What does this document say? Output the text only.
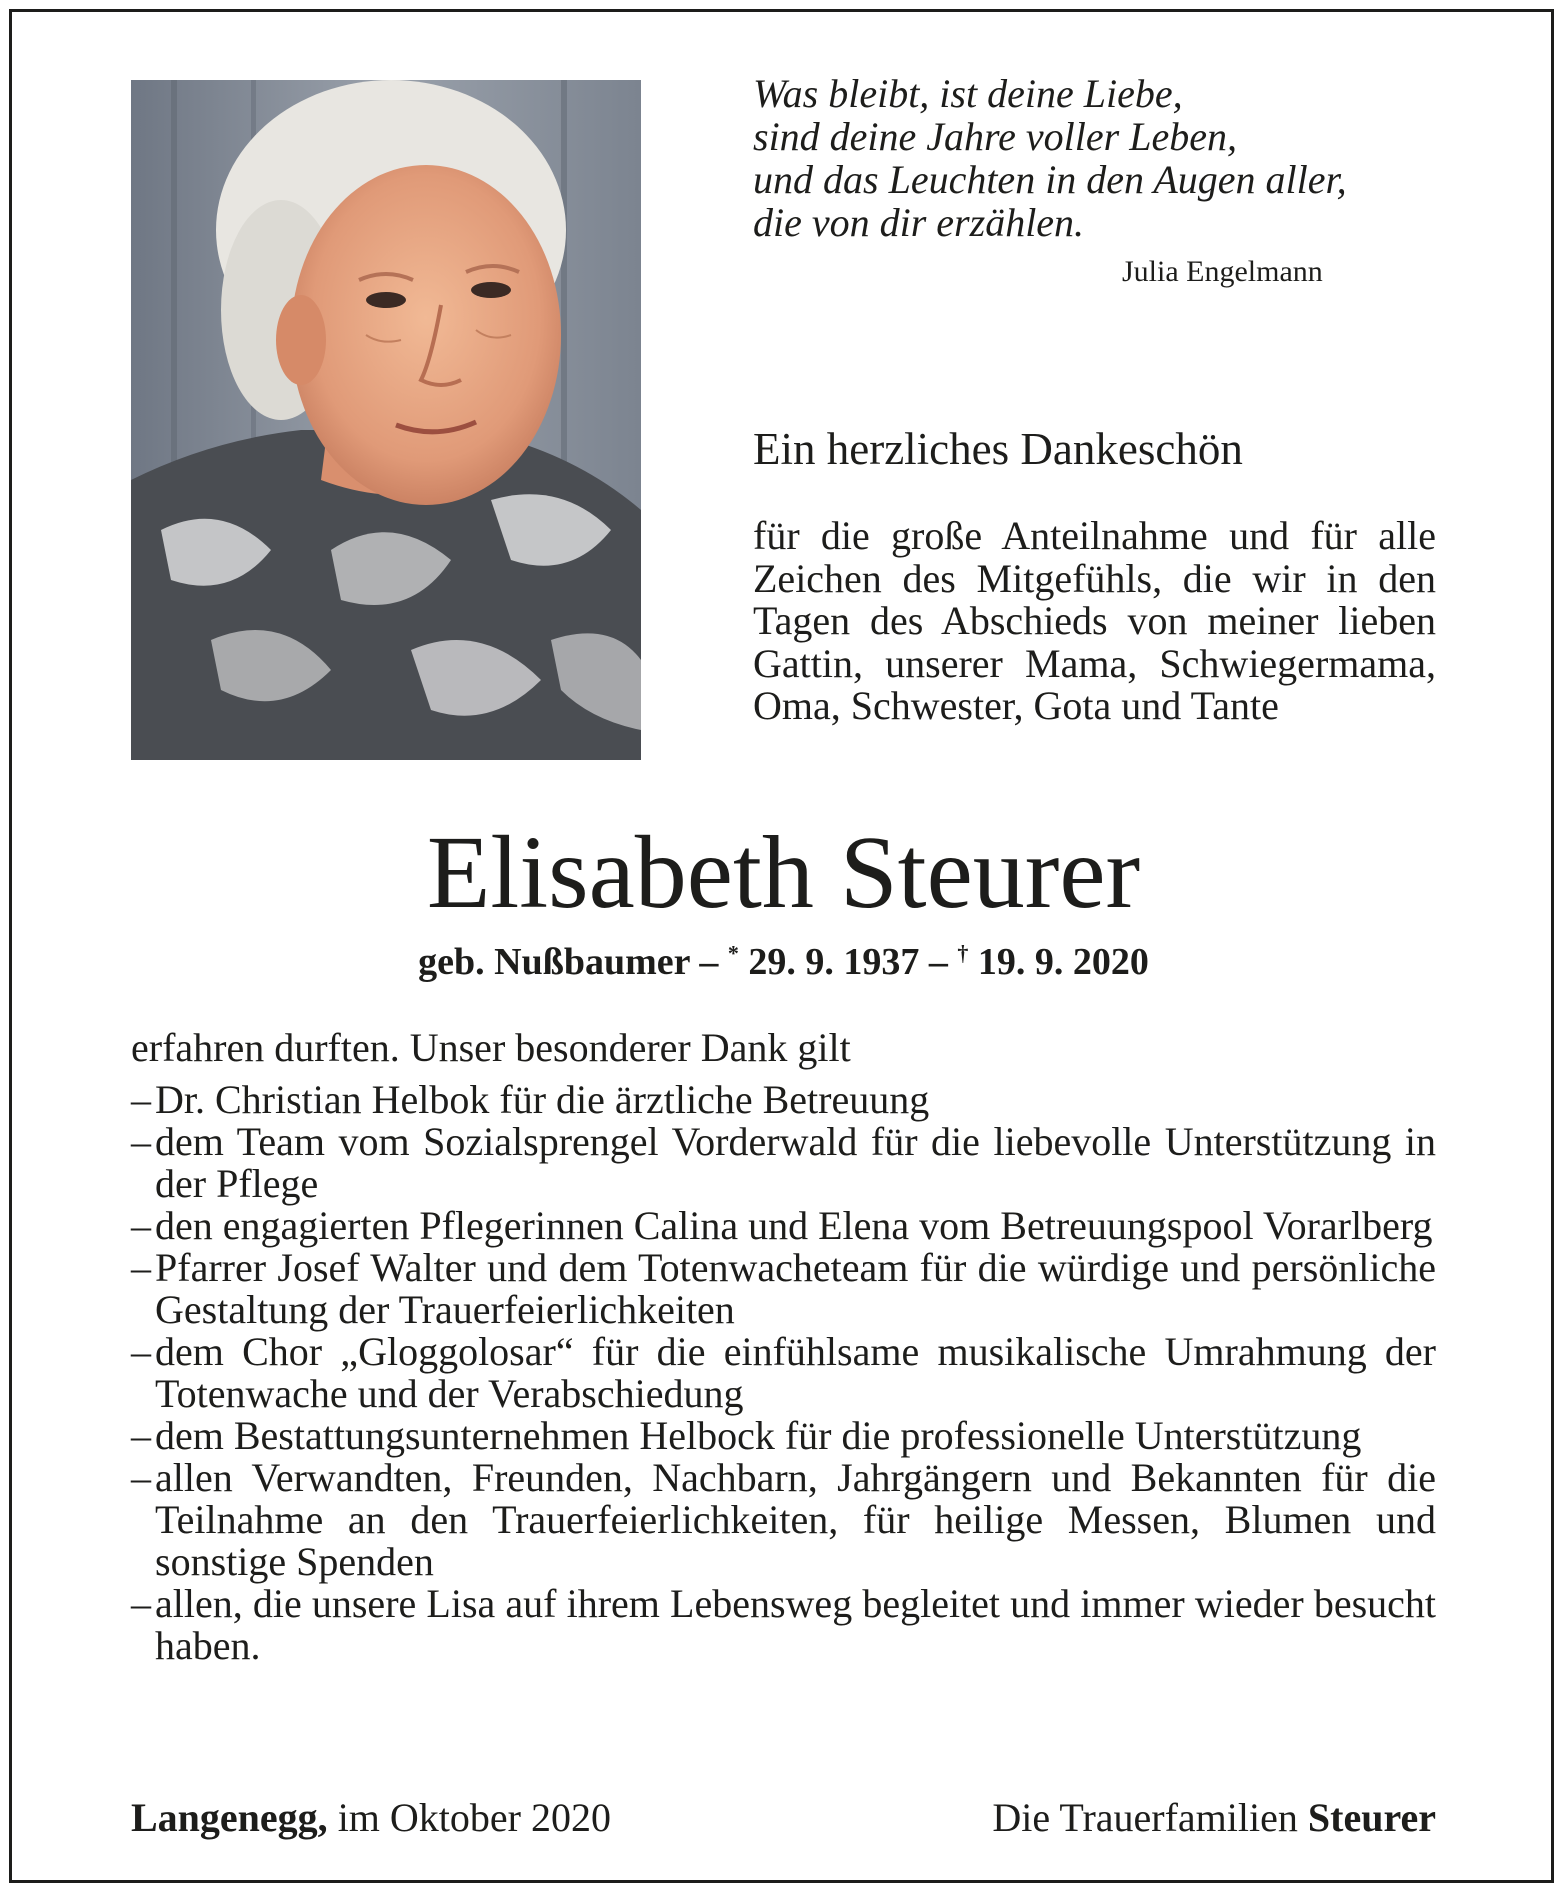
Was bleibt, ist deine Liebe,
sind deine Jahre voller Leben,
und das Leuchten in den Augen aller,
die von dir erzählen.
Julia Engelmann
Ein herzliches Dankeschön
für die große Anteilnahme und für alle Zeichen des Mitgefühls, die wir in den Tagen des Abschieds von meiner lieben Gattin, unserer Mama, Schwiegermama, Oma, Schwester, Gota und Tante
Elisabeth Steurer
geb. Nußbaumer – * 29. 9. 1937 – † 19. 9. 2020

erfahren durften. Unser besonderer Dank gilt

– Dr. Christian Helbok für die ärztliche Betreuung
– dem Team vom Sozialsprengel Vorderwald für die liebevolle Unterstützung in der Pflege
– den engagierten Pflegerinnen Calina und Elena vom Betreuungspool Vorarlberg
– Pfarrer Josef Walter und dem Totenwacheteam für die würdige und persönliche Gestaltung der Trauerfeierlichkeiten
– dem Chor „Gloggolosar“ für die einfühlsame musikalische Umrahmung der Totenwache und der Verabschiedung
– dem Bestattungsunternehmen Helbock für die professionelle Unterstützung
– allen Verwandten, Freunden, Nachbarn, Jahrgängern und Bekannten für die Teilnahme an den Trauerfeierlichkeiten, für heilige Messen, Blumen und sonstige Spenden
– allen, die unsere Lisa auf ihrem Lebensweg begleitet und immer wieder besucht haben.
Langenegg, im Oktober 2020	Die Trauerfamilien Steurer
